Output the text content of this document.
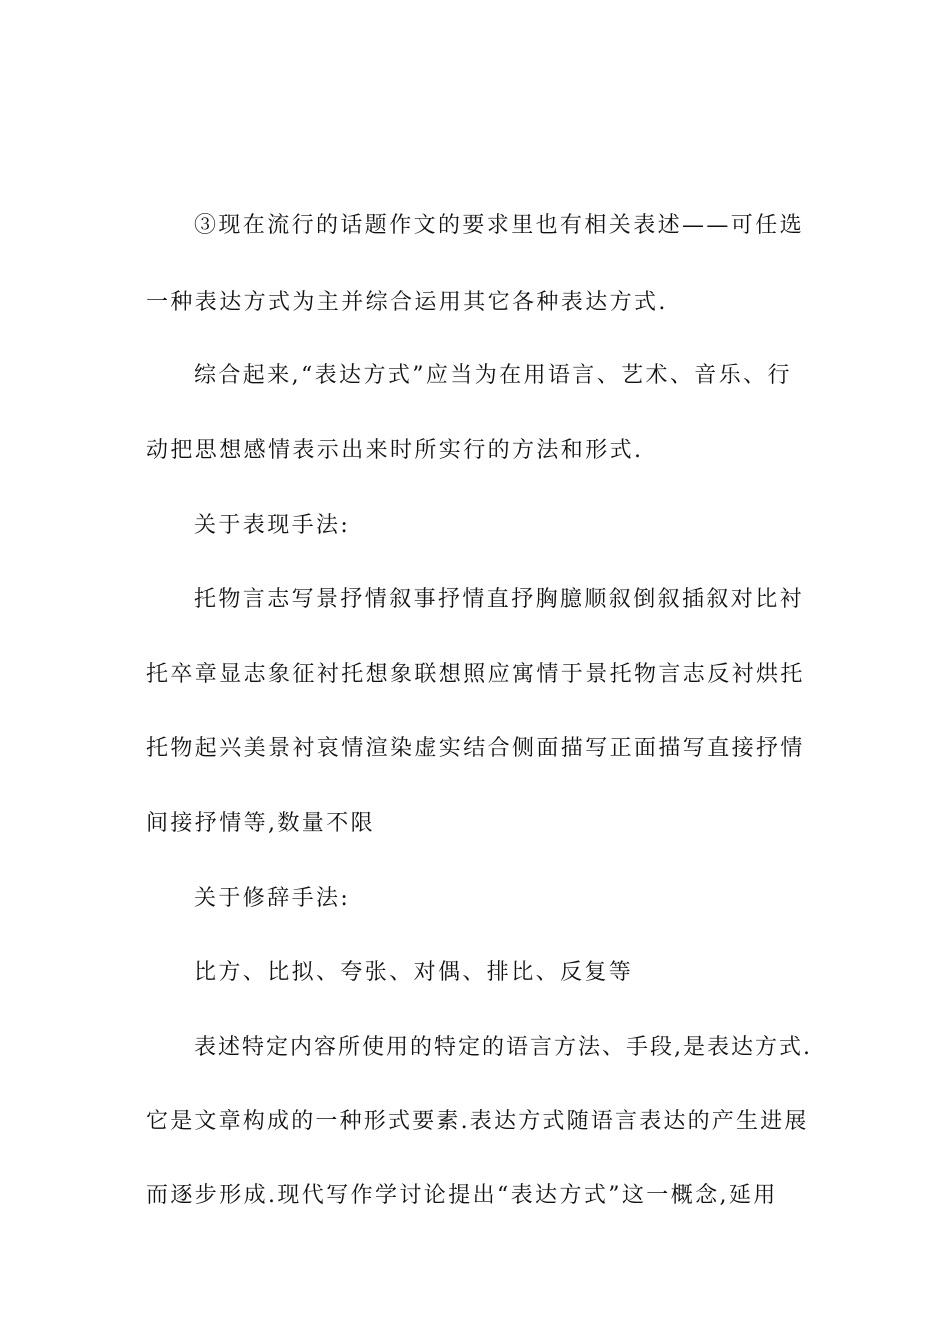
③现在流行的话题作文的要求里也有相关表述——可任选
一种表达方式为主并综合运用其它各种表达方式.
综合起来,“表达方式”应当为在用语言、艺术、音乐、行
动把思想感情表示出来时所实行的方法和形式.
关于表现手法:
托物言志写景抒情叙事抒情直抒胸臆顺叙倒叙插叙对比衬
托卒章显志象征衬托想象联想照应寓情于景托物言志反衬烘托
托物起兴美景衬哀情渲染虚实结合侧面描写正面描写直接抒情
间接抒情等,数量不限
关于修辞手法:
比方、比拟、夸张、对偶、排比、反复等
表述特定内容所使用的特定的语言方法、手段,是表达方式.
它是文章构成的一种形式要素.表达方式随语言表达的产生进展
而逐步形成.现代写作学讨论提出“表达方式”这一概念,延用
